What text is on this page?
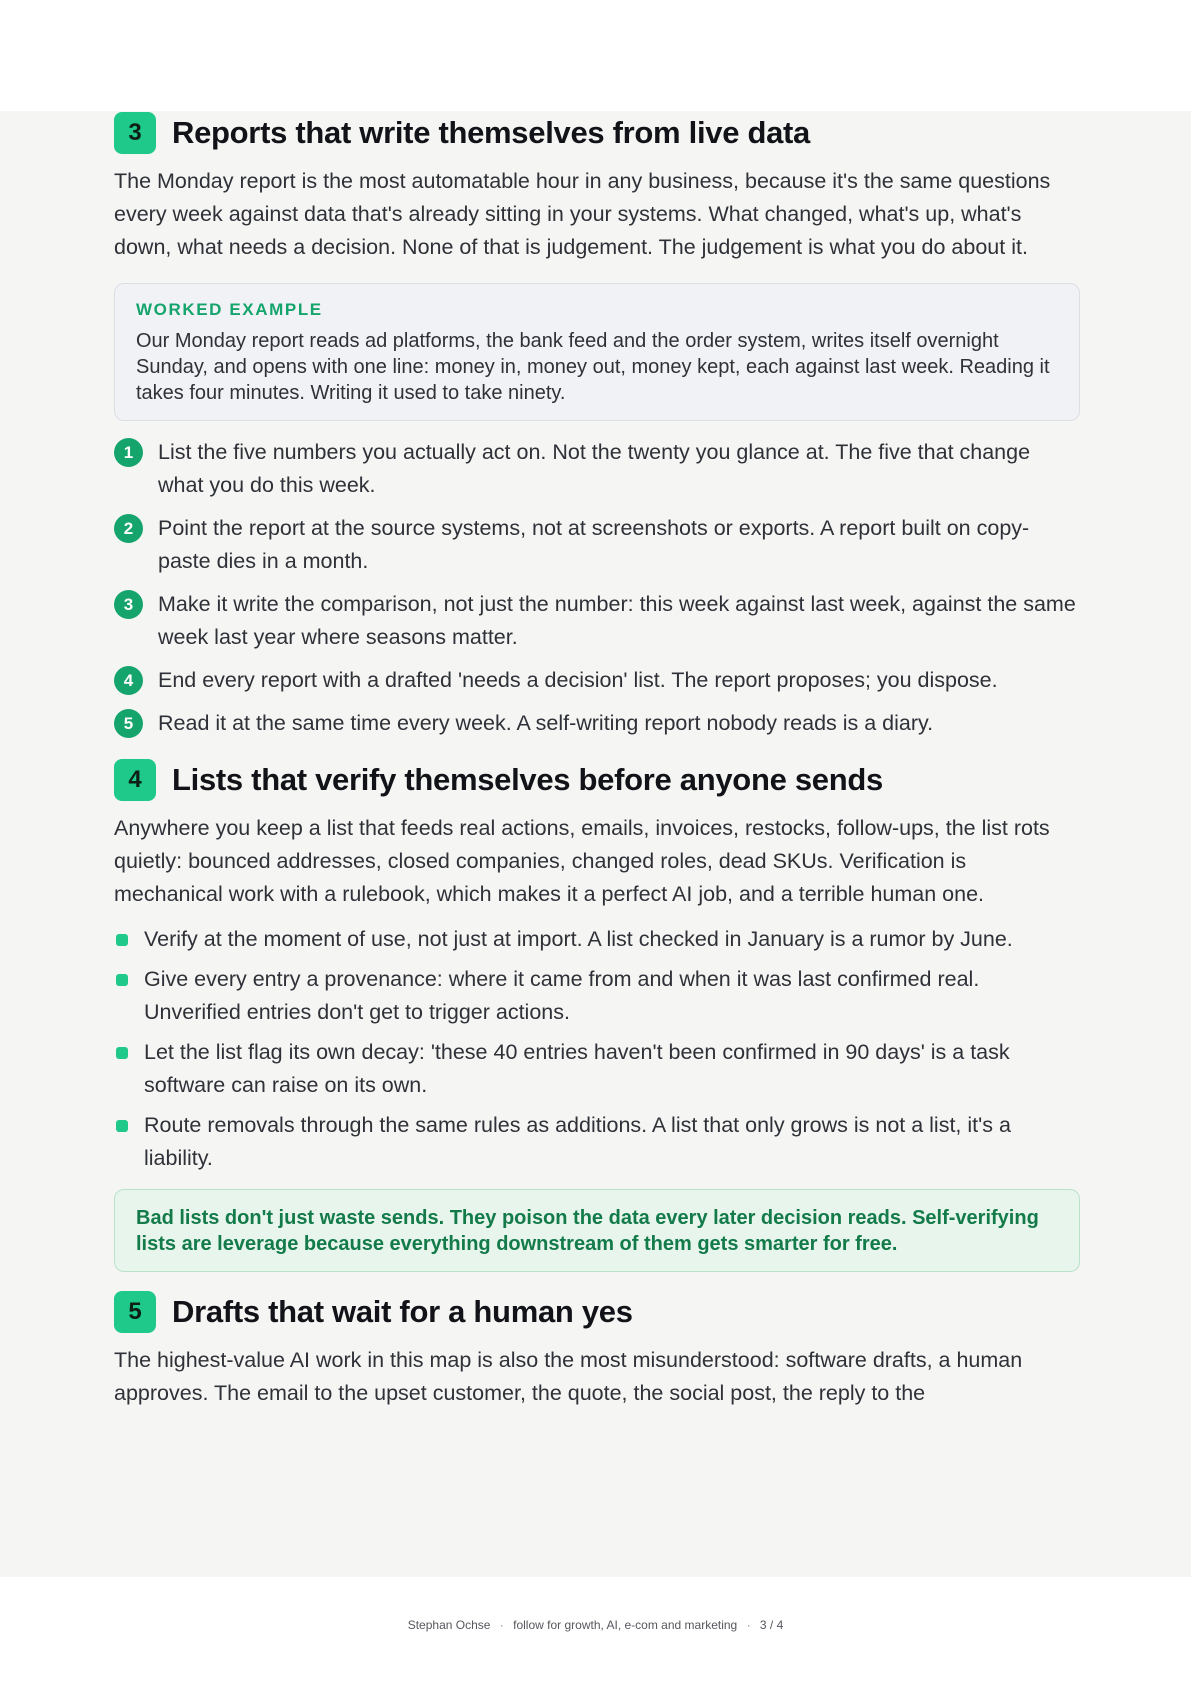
3 Reports that write themselves from live data

The Monday report is the most automatable hour in any business, because it's the same questions every week against data that's already sitting in your systems. What changed, what's up, what's down, what needs a decision. None of that is judgement. The judgement is what you do about it.

WORKED EXAMPLE
Our Monday report reads ad platforms, the bank feed and the order system, writes itself overnight Sunday, and opens with one line: money in, money out, money kept, each against last week. Reading it takes four minutes. Writing it used to take ninety.
1	List the five numbers you actually act on. Not the twenty you glance at. The five that change what you do this week.
2	Point the report at the source systems, not at screenshots or exports. A report built on copy-paste dies in a month.
3	Make it write the comparison, not just the number: this week against last week, against the same week last year where seasons matter.
4	End every report with a drafted 'needs a decision' list. The report proposes; you dispose.
5	Read it at the same time every week. A self-writing report nobody reads is a diary.
4 Lists that verify themselves before anyone sends

Anywhere you keep a list that feeds real actions, emails, invoices, restocks, follow-ups, the list rots quietly: bounced addresses, closed companies, changed roles, dead SKUs. Verification is mechanical work with a rulebook, which makes it a perfect AI job, and a terrible human one.

Verify at the moment of use, not just at import. A list checked in January is a rumor by June.
Give every entry a provenance: where it came from and when it was last confirmed real. Unverified entries don't get to trigger actions.
Let the list flag its own decay: 'these 40 entries haven't been confirmed in 90 days' is a task software can raise on its own.
Route removals through the same rules as additions. A list that only grows is not a list, it's a liability.
Bad lists don't just waste sends. They poison the data every later decision reads. Self-verifying lists are leverage because everything downstream of them gets smarter for free.
5 Drafts that wait for a human yes

The highest-value AI work in this map is also the most misunderstood: software drafts, a human approves. The email to the upset customer, the quote, the social post, the reply to the

Stephan Ochse · follow for growth, AI, e-com and marketing · 3 / 4
